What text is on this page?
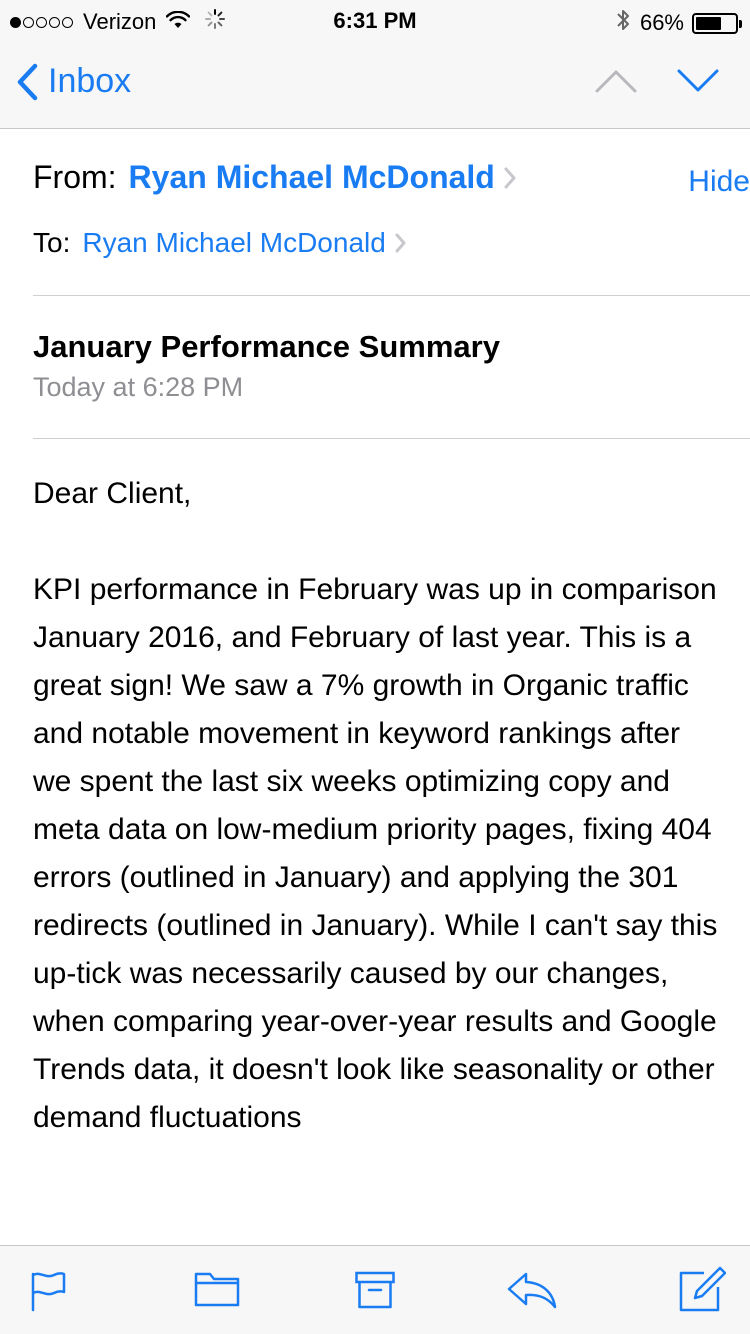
Verizon	6:31 PM	66%
Inbox
From: Ryan Michael McDonald	Hide
To: Ryan Michael McDonald
January Performance Summary
Today at 6:28 PM

Dear Client,

KPI performance in February was up in comparison January 2016, and February of last year. This is a great sign! We saw a 7% growth in Organic traffic and notable movement in keyword rankings after we spent the last six weeks optimizing copy and meta data on low-medium priority pages, fixing 404 errors (outlined in January) and applying the 301 redirects (outlined in January). While I can't say this up-tick was necessarily caused by our changes, when comparing year-over-year results and Google Trends data, it doesn't look like seasonality or other demand fluctuations
